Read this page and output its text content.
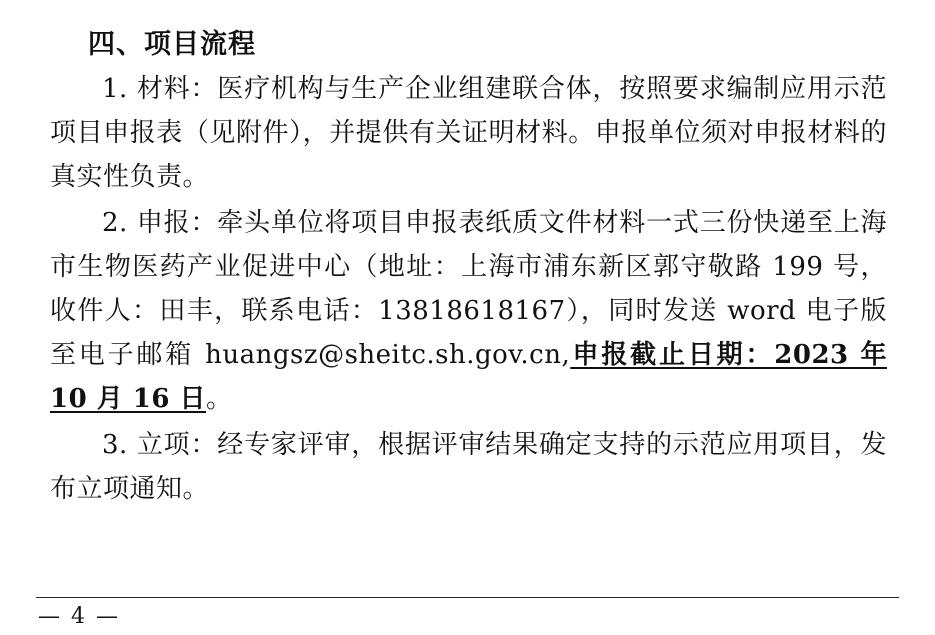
四、项目流程

1. 材料：医疗机构与生产企业组建联合体，按照要求编制应用示范项目申报表（见附件），并提供有关证明材料。申报单位须对申报材料的真实性负责。

2. 申报：牵头单位将项目申报表纸质文件材料一式三份快递至上海市生物医药产业促进中心（地址：上海市浦东新区郭守敬路 199 号，收件人：田丰，联系电话：13818618167），同时发送 word 电子版至电子邮箱 huangsz@sheitc.sh.gov.cn,申报截止日期：2023 年 10 月 16 日。

3. 立项：经专家评审，根据评审结果确定支持的示范应用项目，发布立项通知。

— 4 —
